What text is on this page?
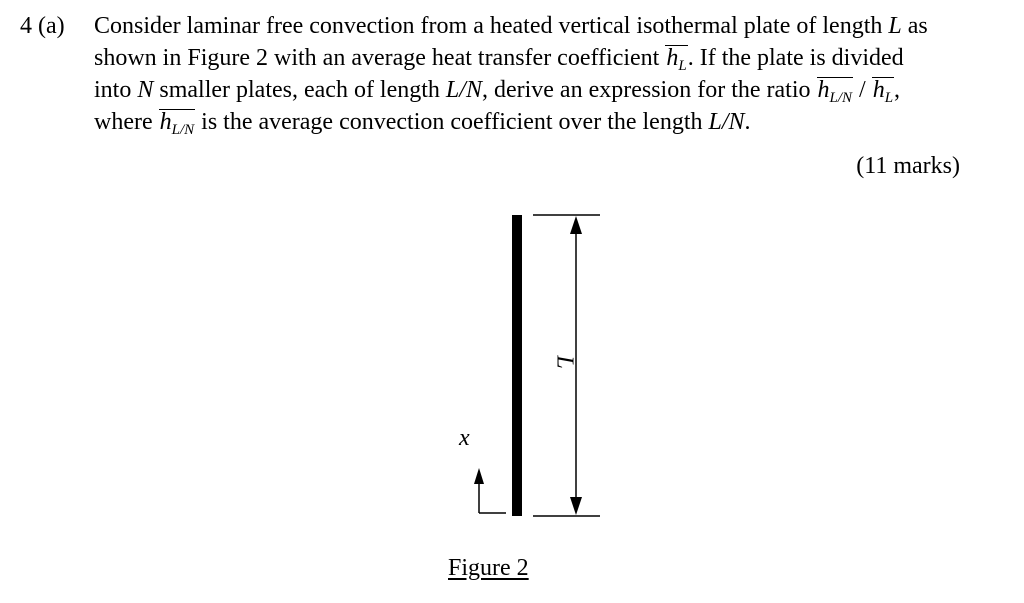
4 (a) Consider laminar free convection from a heated vertical isothermal plate of length L as
shown in Figure 2 with an average heat transfer coefficient $h_L$. If the plate is divided
into N smaller plates, each of length L/N, derive an expression for the ratio $h_{L/N} / h_L$,
where $h_{L/N}$ is the average convection coefficient over the length L/N.
(11 marks)
L
x
Figure 2
